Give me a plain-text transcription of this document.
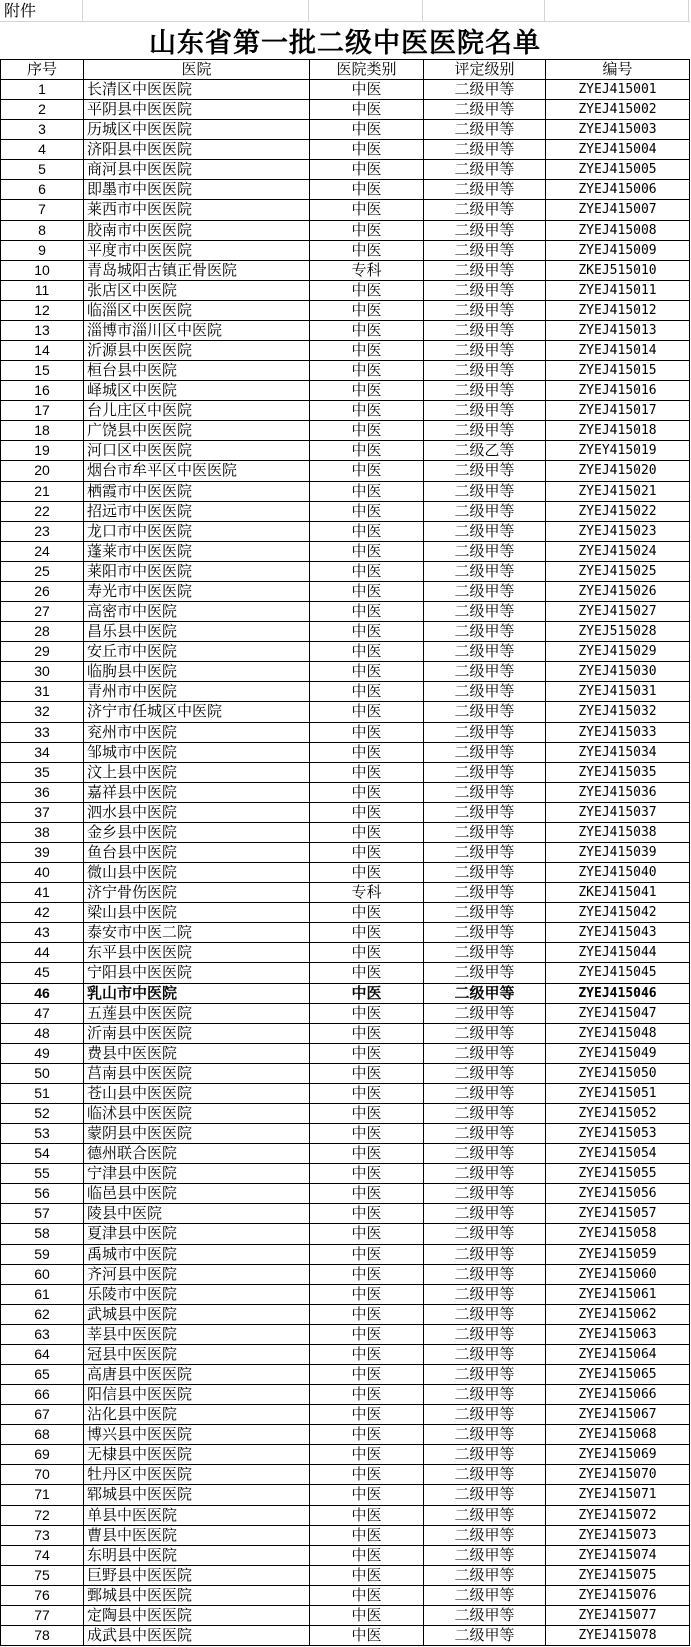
附件
山东省第一批二级中医医院名单
序号	医院	医院类别	评定级别	编号
1	长清区中医医院	中医	二级甲等	ZYEJ415001
2	平阴县中医医院	中医	二级甲等	ZYEJ415002
3	历城区中医医院	中医	二级甲等	ZYEJ415003
4	济阳县中医医院	中医	二级甲等	ZYEJ415004
5	商河县中医医院	中医	二级甲等	ZYEJ415005
6	即墨市中医医院	中医	二级甲等	ZYEJ415006
7	莱西市中医医院	中医	二级甲等	ZYEJ415007
8	胶南市中医医院	中医	二级甲等	ZYEJ415008
9	平度市中医医院	中医	二级甲等	ZYEJ415009
10	青岛城阳古镇正骨医院	专科	二级甲等	ZKEJ515010
11	张店区中医院	中医	二级甲等	ZYEJ415011
12	临淄区中医医院	中医	二级甲等	ZYEJ415012
13	淄博市淄川区中医院	中医	二级甲等	ZYEJ415013
14	沂源县中医医院	中医	二级甲等	ZYEJ415014
15	桓台县中医院	中医	二级甲等	ZYEJ415015
16	峄城区中医院	中医	二级甲等	ZYEJ415016
17	台儿庄区中医院	中医	二级甲等	ZYEJ415017
18	广饶县中医医院	中医	二级甲等	ZYEJ415018
19	河口区中医医院	中医	二级乙等	ZYEY415019
20	烟台市牟平区中医医院	中医	二级甲等	ZYEJ415020
21	栖霞市中医医院	中医	二级甲等	ZYEJ415021
22	招远市中医医院	中医	二级甲等	ZYEJ415022
23	龙口市中医医院	中医	二级甲等	ZYEJ415023
24	蓬莱市中医医院	中医	二级甲等	ZYEJ415024
25	莱阳市中医医院	中医	二级甲等	ZYEJ415025
26	寿光市中医医院	中医	二级甲等	ZYEJ415026
27	高密市中医院	中医	二级甲等	ZYEJ415027
28	昌乐县中医院	中医	二级甲等	ZYEJ515028
29	安丘市中医院	中医	二级甲等	ZYEJ415029
30	临朐县中医院	中医	二级甲等	ZYEJ415030
31	青州市中医院	中医	二级甲等	ZYEJ415031
32	济宁市任城区中医院	中医	二级甲等	ZYEJ415032
33	兖州市中医院	中医	二级甲等	ZYEJ415033
34	邹城市中医院	中医	二级甲等	ZYEJ415034
35	汶上县中医院	中医	二级甲等	ZYEJ415035
36	嘉祥县中医院	中医	二级甲等	ZYEJ415036
37	泗水县中医院	中医	二级甲等	ZYEJ415037
38	金乡县中医院	中医	二级甲等	ZYEJ415038
39	鱼台县中医院	中医	二级甲等	ZYEJ415039
40	微山县中医院	中医	二级甲等	ZYEJ415040
41	济宁骨伤医院	专科	二级甲等	ZKEJ415041
42	梁山县中医院	中医	二级甲等	ZYEJ415042
43	泰安市中医二院	中医	二级甲等	ZYEJ415043
44	东平县中医医院	中医	二级甲等	ZYEJ415044
45	宁阳县中医医院	中医	二级甲等	ZYEJ415045
46	乳山市中医院	中医	二级甲等	ZYEJ415046
47	五莲县中医医院	中医	二级甲等	ZYEJ415047
48	沂南县中医医院	中医	二级甲等	ZYEJ415048
49	费县中医医院	中医	二级甲等	ZYEJ415049
50	莒南县中医医院	中医	二级甲等	ZYEJ415050
51	苍山县中医医院	中医	二级甲等	ZYEJ415051
52	临沭县中医医院	中医	二级甲等	ZYEJ415052
53	蒙阴县中医医院	中医	二级甲等	ZYEJ415053
54	德州联合医院	中医	二级甲等	ZYEJ415054
55	宁津县中医院	中医	二级甲等	ZYEJ415055
56	临邑县中医院	中医	二级甲等	ZYEJ415056
57	陵县中医院	中医	二级甲等	ZYEJ415057
58	夏津县中医院	中医	二级甲等	ZYEJ415058
59	禹城市中医院	中医	二级甲等	ZYEJ415059
60	齐河县中医院	中医	二级甲等	ZYEJ415060
61	乐陵市中医院	中医	二级甲等	ZYEJ415061
62	武城县中医院	中医	二级甲等	ZYEJ415062
63	莘县中医医院	中医	二级甲等	ZYEJ415063
64	冠县中医医院	中医	二级甲等	ZYEJ415064
65	高唐县中医医院	中医	二级甲等	ZYEJ415065
66	阳信县中医医院	中医	二级甲等	ZYEJ415066
67	沾化县中医院	中医	二级甲等	ZYEJ415067
68	博兴县中医医院	中医	二级甲等	ZYEJ415068
69	无棣县中医医院	中医	二级甲等	ZYEJ415069
70	牡丹区中医医院	中医	二级甲等	ZYEJ415070
71	郓城县中医医院	中医	二级甲等	ZYEJ415071
72	单县中医医院	中医	二级甲等	ZYEJ415072
73	曹县中医医院	中医	二级甲等	ZYEJ415073
74	东明县中医院	中医	二级甲等	ZYEJ415074
75	巨野县中医医院	中医	二级甲等	ZYEJ415075
76	鄄城县中医医院	中医	二级甲等	ZYEJ415076
77	定陶县中医医院	中医	二级甲等	ZYEJ415077
78	成武县中医医院	中医	二级甲等	ZYEJ415078
